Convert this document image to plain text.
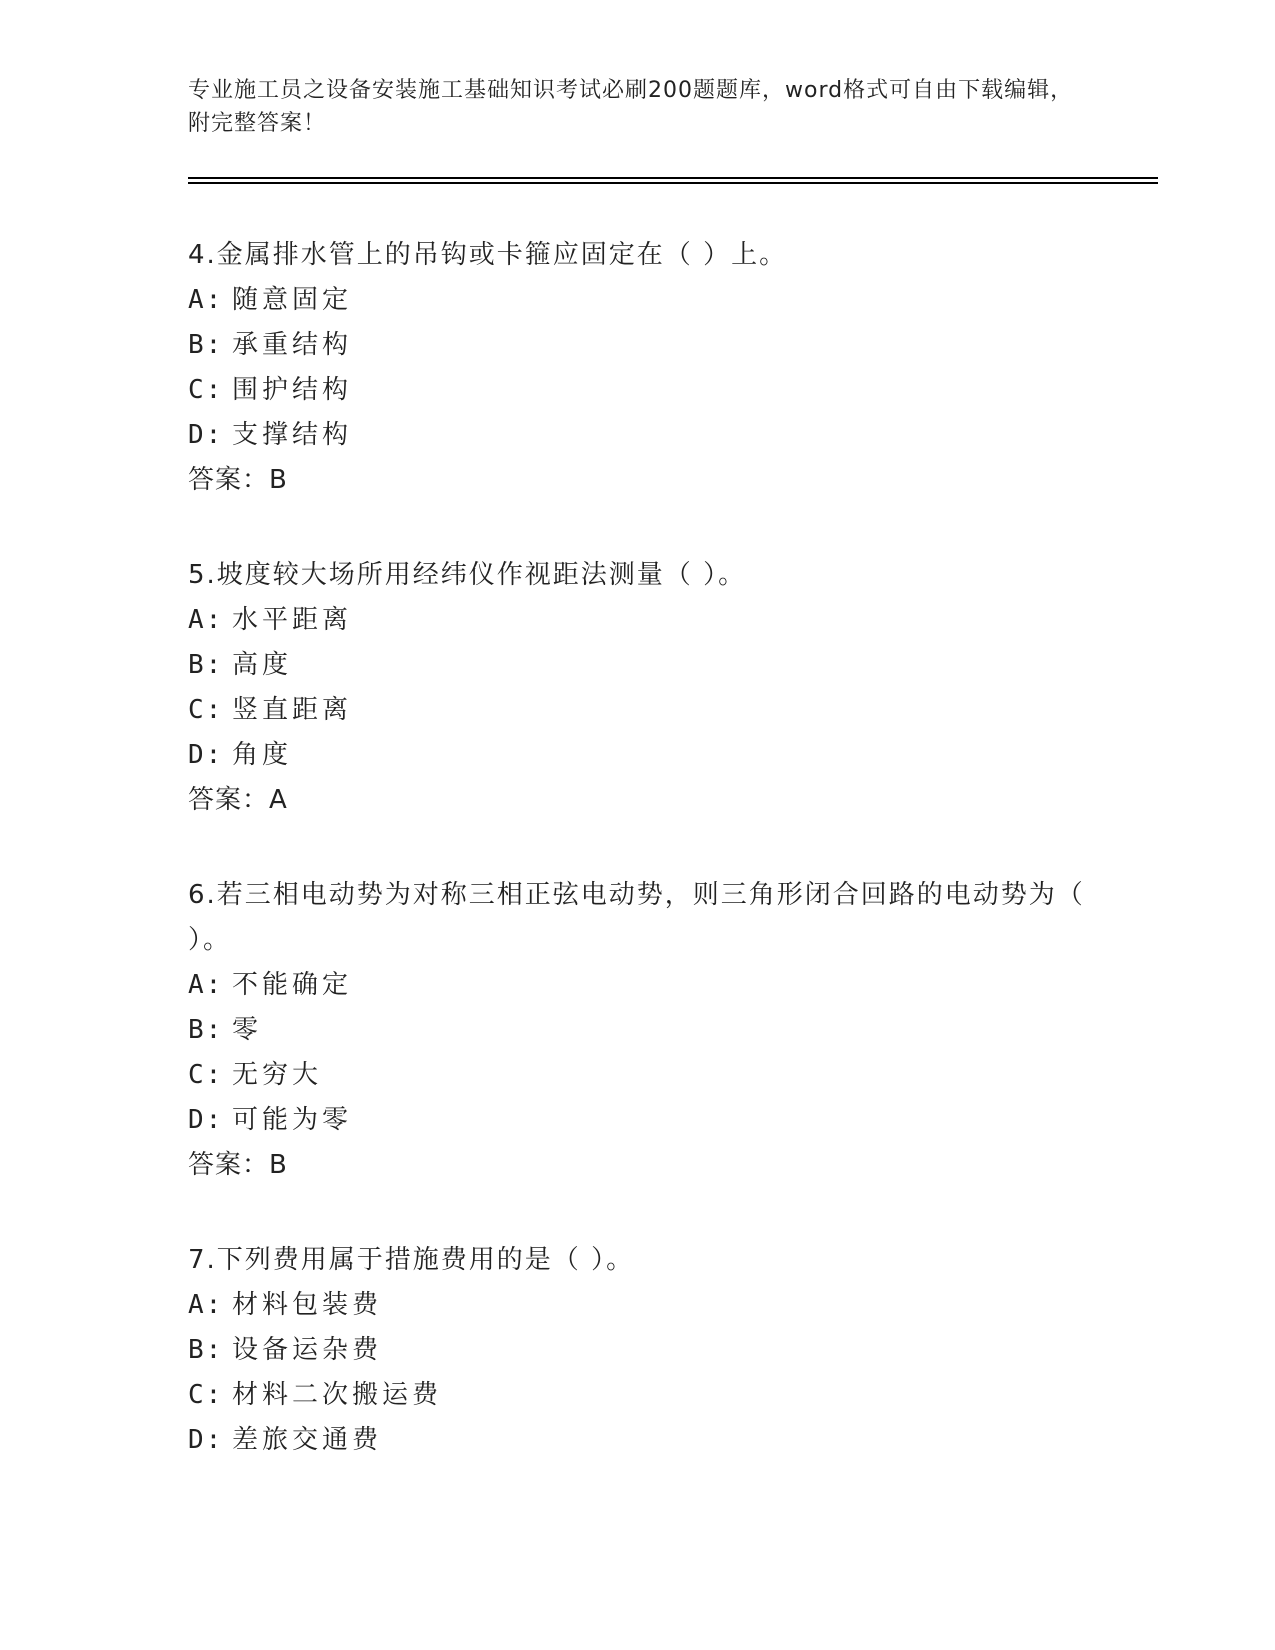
专业施工员之设备安装施工基础知识考试必刷200题题库，word格式可自由下载编辑，附完整答案！
4.金属排水管上的吊钩或卡箍应固定在（ ）上。
A: 随意固定
B: 承重结构
C: 围护结构
D: 支撑结构
答案：B
5.坡度较大场所用经纬仪作视距法测量（ ）。
A: 水平距离
B: 高度
C: 竖直距离
D: 角度
答案：A
6.若三相电动势为对称三相正弦电动势，则三角形闭合回路的电动势为（ ）。
A: 不能确定
B: 零
C: 无穷大
D: 可能为零
答案：B
7.下列费用属于措施费用的是（ ）。
A: 材料包装费
B: 设备运杂费
C: 材料二次搬运费
D: 差旅交通费
